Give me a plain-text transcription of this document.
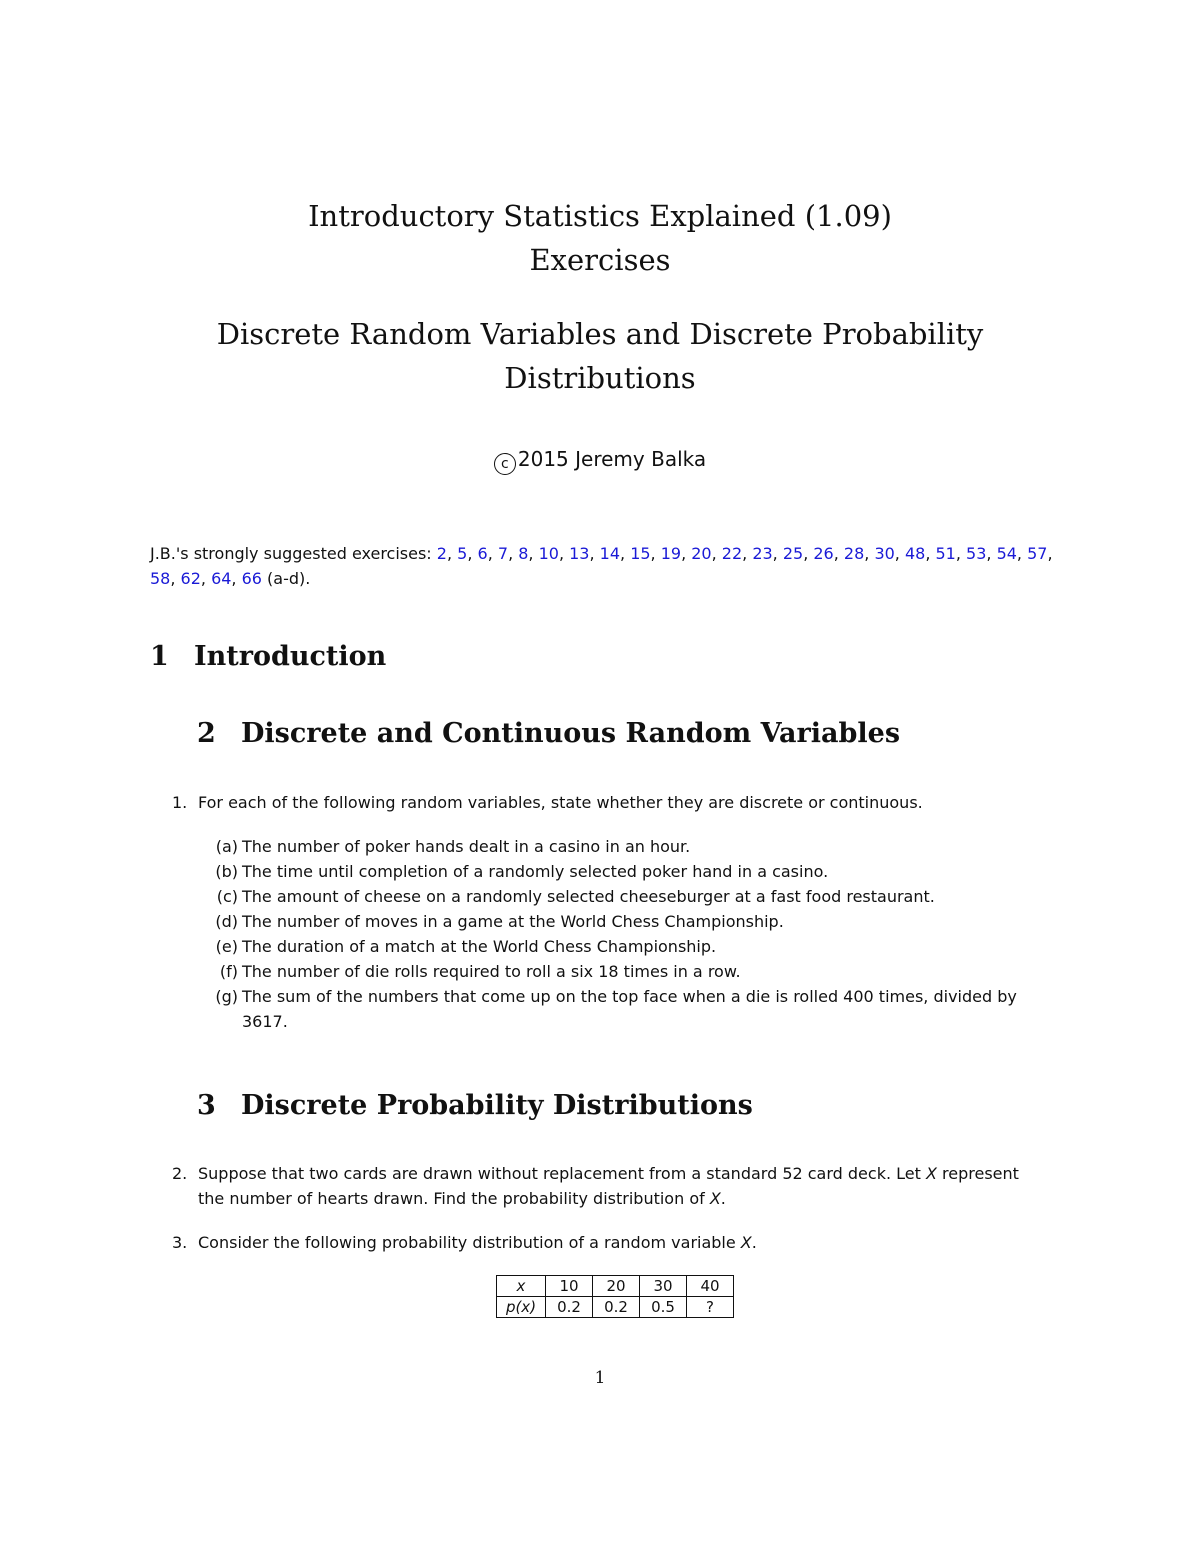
Introductory Statistics Explained (1.09)
Exercises
Discrete Random Variables and Discrete Probability
Distributions
c 2015 Jeremy Balka
J.B.'s strongly suggested exercises: 2, 5, 6, 7, 8, 10, 13, 14, 15, 19, 20, 22, 23, 25, 26, 28, 30, 48, 51, 53, 54, 57, 58, 62, 64, 66 (a-d).
1 Introduction
2 Discrete and Continuous Random Variables
1. For each of the following random variables, state whether they are discrete or continuous.
(a) The number of poker hands dealt in a casino in an hour.
(b) The time until completion of a randomly selected poker hand in a casino.
(c) The amount of cheese on a randomly selected cheeseburger at a fast food restaurant.
(d) The number of moves in a game at the World Chess Championship.
(e) The duration of a match at the World Chess Championship.
(f) The number of die rolls required to roll a six 18 times in a row.
(g) The sum of the numbers that come up on the top face when a die is rolled 400 times, divided by 3617.
3 Discrete Probability Distributions
2. Suppose that two cards are drawn without replacement from a standard 52 card deck. Let X represent the number of hearts drawn. Find the probability distribution of X.
3. Consider the following probability distribution of a random variable X.
x	10	20	30	40
p(x)	0.2	0.2	0.5	?
1
